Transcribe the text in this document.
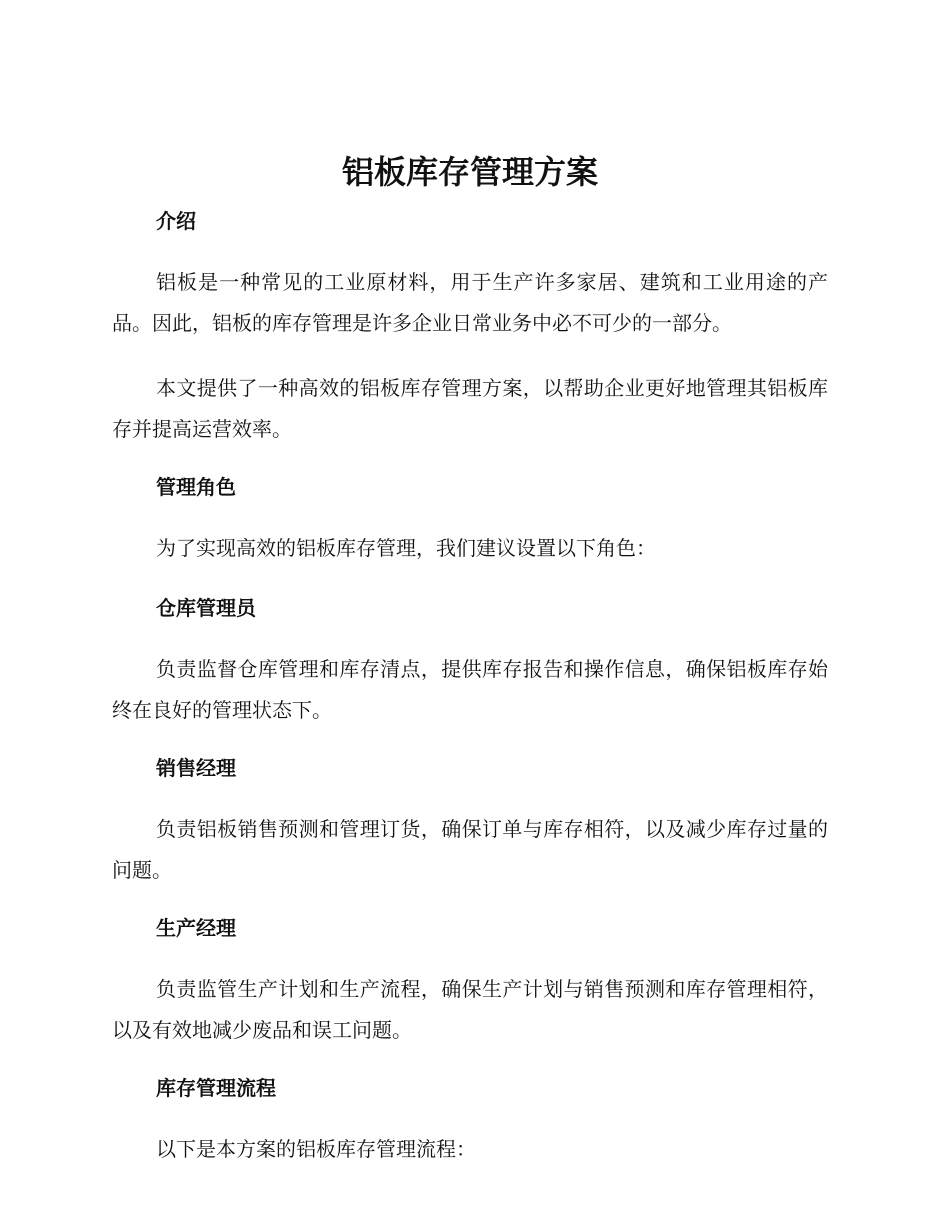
铝板库存管理方案
介绍

铝板是一种常见的工业原材料，用于生产许多家居、建筑和工业用途的产品。因此，铝板的库存管理是许多企业日常业务中必不可少的一部分。

本文提供了一种高效的铝板库存管理方案，以帮助企业更好地管理其铝板库存并提高运营效率。

管理角色

为了实现高效的铝板库存管理，我们建议设置以下角色：

仓库管理员

负责监督仓库管理和库存清点，提供库存报告和操作信息，确保铝板库存始终在良好的管理状态下。

销售经理

负责铝板销售预测和管理订货，确保订单与库存相符，以及减少库存过量的问题。

生产经理

负责监管生产计划和生产流程，确保生产计划与销售预测和库存管理相符，以及有效地减少废品和误工问题。

库存管理流程

以下是本方案的铝板库存管理流程：
